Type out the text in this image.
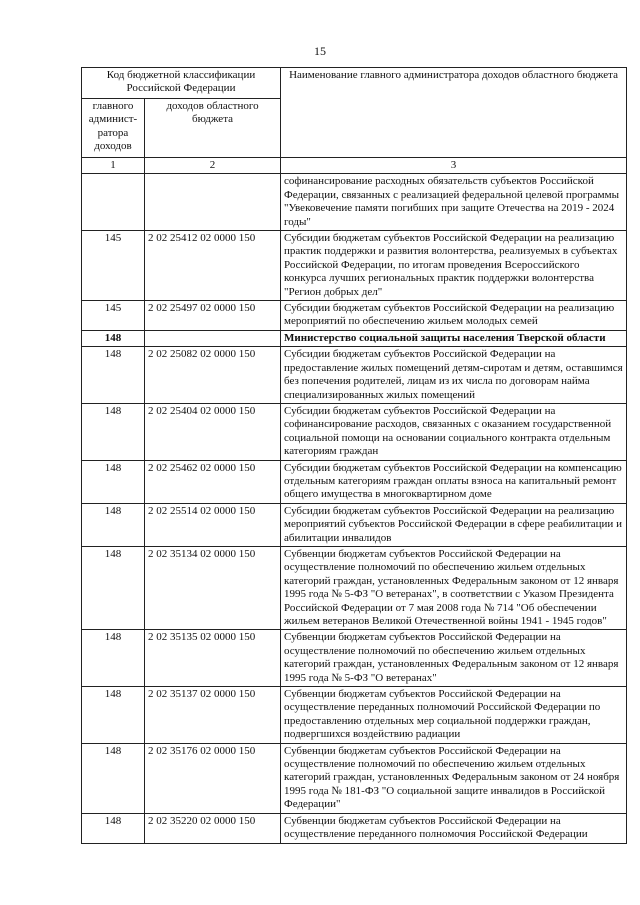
15
Код бюджетной классификации Российской Федерации		Наименование главного администратора доходов областного бюджета
главного админист-ратора доходов	доходов областного бюджета	
1	2	3
		софинансирование расходных обязательств субъектов Российской Федерации, связанных с реализацией федеральной целевой программы "Увековечение памяти погибших при защите Отечества на 2019 - 2024 годы"
145	2 02 25412 02 0000 150	Субсидии бюджетам субъектов Российской Федерации на реализацию практик поддержки и развития волонтерства, реализуемых в субъектах Российской Федерации, по итогам проведения Всероссийского конкурса лучших региональных практик поддержки волонтерства "Регион добрых дел"
145	2 02 25497 02 0000 150	Субсидии бюджетам субъектов Российской Федерации на реализацию мероприятий по обеспечению жильем молодых семей
148		Министерство социальной защиты населения Тверской области
148	2 02 25082 02 0000 150	Субсидии бюджетам субъектов Российской Федерации на предоставление жилых помещений детям-сиротам и детям, оставшимся без попечения родителей, лицам из их числа по договорам найма специализированных жилых помещений
148	2 02 25404 02 0000 150	Субсидии бюджетам субъектов Российской Федерации на софинансирование расходов, связанных с оказанием государственной социальной помощи на основании социального контракта отдельным категориям граждан
148	2 02 25462 02 0000 150	Субсидии бюджетам субъектов Российской Федерации на компенсацию отдельным категориям граждан оплаты взноса на капитальный ремонт общего имущества в многоквартирном доме
148	2 02 25514 02 0000 150	Субсидии бюджетам субъектов Российской Федерации на реализацию мероприятий субъектов Российской Федерации в сфере реабилитации и абилитации инвалидов
148	2 02 35134 02 0000 150	Субвенции бюджетам субъектов Российской Федерации на осуществление полномочий по обеспечению жильем отдельных категорий граждан, установленных Федеральным законом от 12 января 1995 года № 5-ФЗ "О ветеранах", в соответствии с Указом Президента Российской Федерации от 7 мая 2008 года № 714 "Об обеспечении жильем ветеранов Великой Отечественной войны 1941 - 1945 годов"
148	2 02 35135 02 0000 150	Субвенции бюджетам субъектов Российской Федерации на осуществление полномочий по обеспечению жильем отдельных категорий граждан, установленных Федеральным законом от 12 января 1995 года № 5-ФЗ "О ветеранах"
148	2 02 35137 02 0000 150	Субвенции бюджетам субъектов Российской Федерации на осуществление переданных полномочий Российской Федерации по предоставлению отдельных мер социальной поддержки граждан, подвергшихся воздействию радиации
148	2 02 35176 02 0000 150	Субвенции бюджетам субъектов Российской Федерации на осуществление полномочий по обеспечению жильем отдельных категорий граждан, установленных Федеральным законом от 24 ноября 1995 года № 181-ФЗ "О социальной защите инвалидов в Российской Федерации"
148	2 02 35220 02 0000 150	Субвенции бюджетам субъектов Российской Федерации на осуществление переданного полномочия Российской Федерации
